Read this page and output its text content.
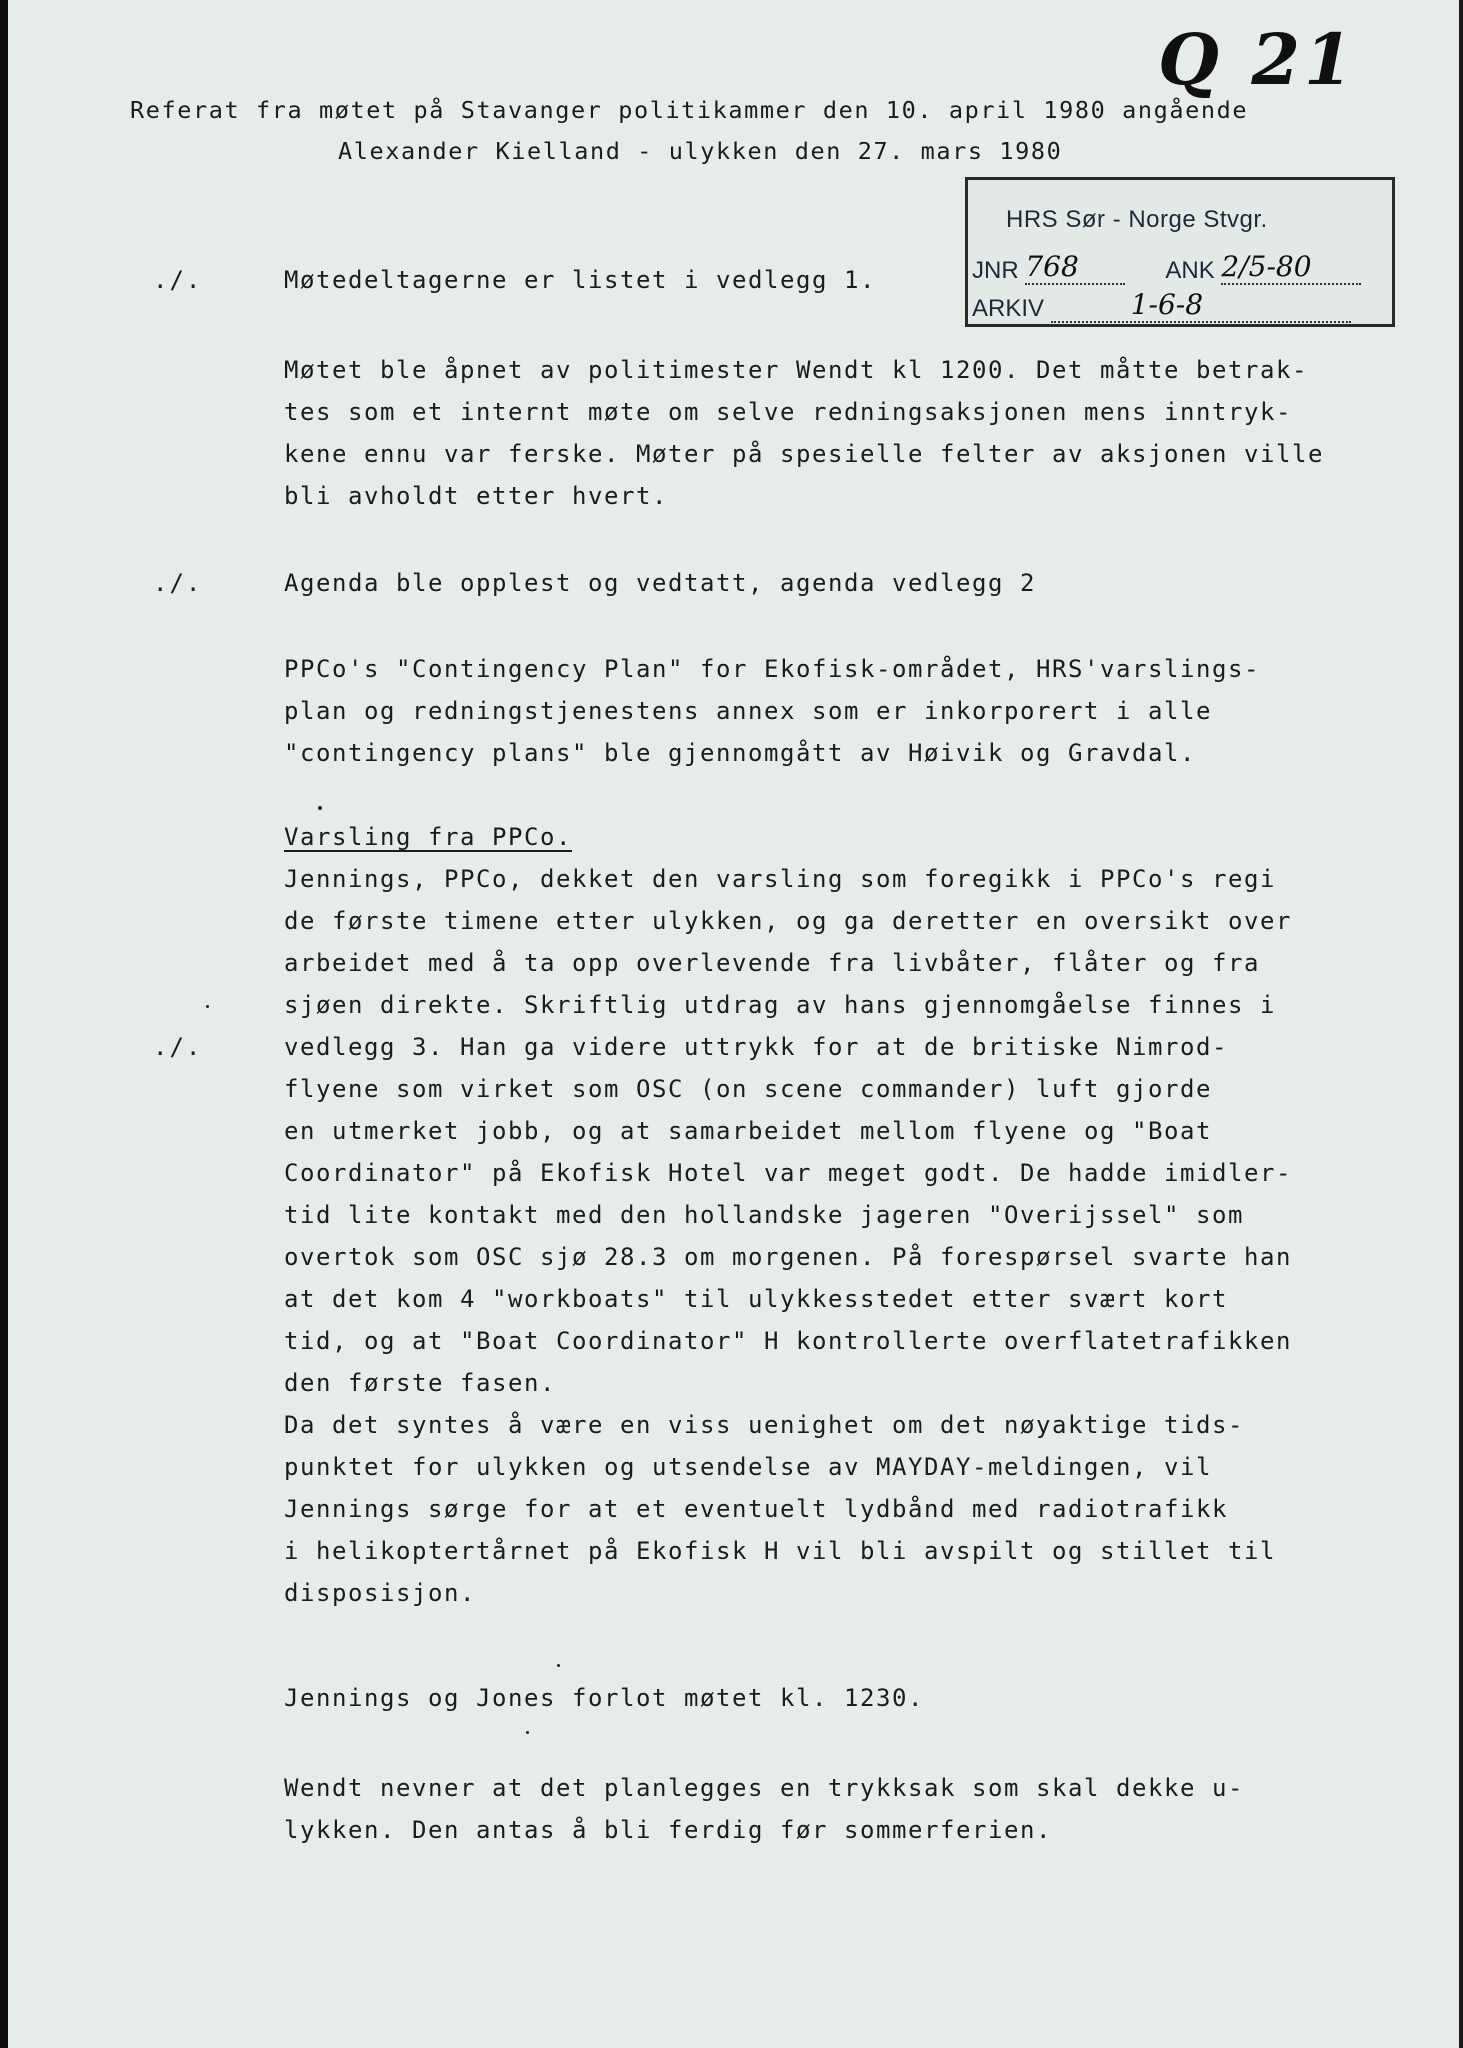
Q 21
Referat fra møtet på Stavanger politikammer den 10. april 1980 angående
Alexander Kielland - ulykken den 27. mars 1980
HRS Sør - Norge Stvgr.
JNR 768	ANK 2/5-80
ARKIV	1-6-8
./.	Møtedeltagerne er listet i vedlegg 1.
Møtet ble åpnet av politimester Wendt kl 1200. Det måtte betrak-
tes som et internt møte om selve redningsaksjonen mens inntryk-
kene ennu var ferske. Møter på spesielle felter av aksjonen ville
bli avholdt etter hvert.
./.	Agenda ble opplest og vedtatt, agenda vedlegg 2
PPCo's "Contingency Plan" for Ekofisk-området, HRS'varslings-
plan og redningstjenestens annex som er inkorporert i alle
"contingency plans" ble gjennomgått av Høivik og Gravdal.
Varsling fra PPCo.
Jennings, PPCo, dekket den varsling som foregikk i PPCo's regi
de første timene etter ulykken, og ga deretter en oversikt over
arbeidet med å ta opp overlevende fra livbåter, flåter og fra
sjøen direkte. Skriftlig utdrag av hans gjennomgåelse finnes i
./.	vedlegg 3. Han ga videre uttrykk for at de britiske Nimrod-
flyene som virket som OSC (on scene commander) luft gjorde
en utmerket jobb, og at samarbeidet mellom flyene og "Boat
Coordinator" på Ekofisk Hotel var meget godt. De hadde imidler-
tid lite kontakt med den hollandske jageren "Overijssel" som
overtok som OSC sjø 28.3 om morgenen. På forespørsel svarte han
at det kom 4 "workboats" til ulykkesstedet etter svært kort
tid, og at "Boat Coordinator" H kontrollerte overflatetrafikken
den første fasen.
Da det syntes å være en viss uenighet om det nøyaktige tids-
punktet for ulykken og utsendelse av MAYDAY-meldingen, vil
Jennings sørge for at et eventuelt lydbånd med radiotrafikk
i helikoptertårnet på Ekofisk H vil bli avspilt og stillet til
disposisjon.
Jennings og Jones forlot møtet kl. 1230.
Wendt nevner at det planlegges en trykksak som skal dekke u-
lykken. Den antas å bli ferdig før sommerferien.
